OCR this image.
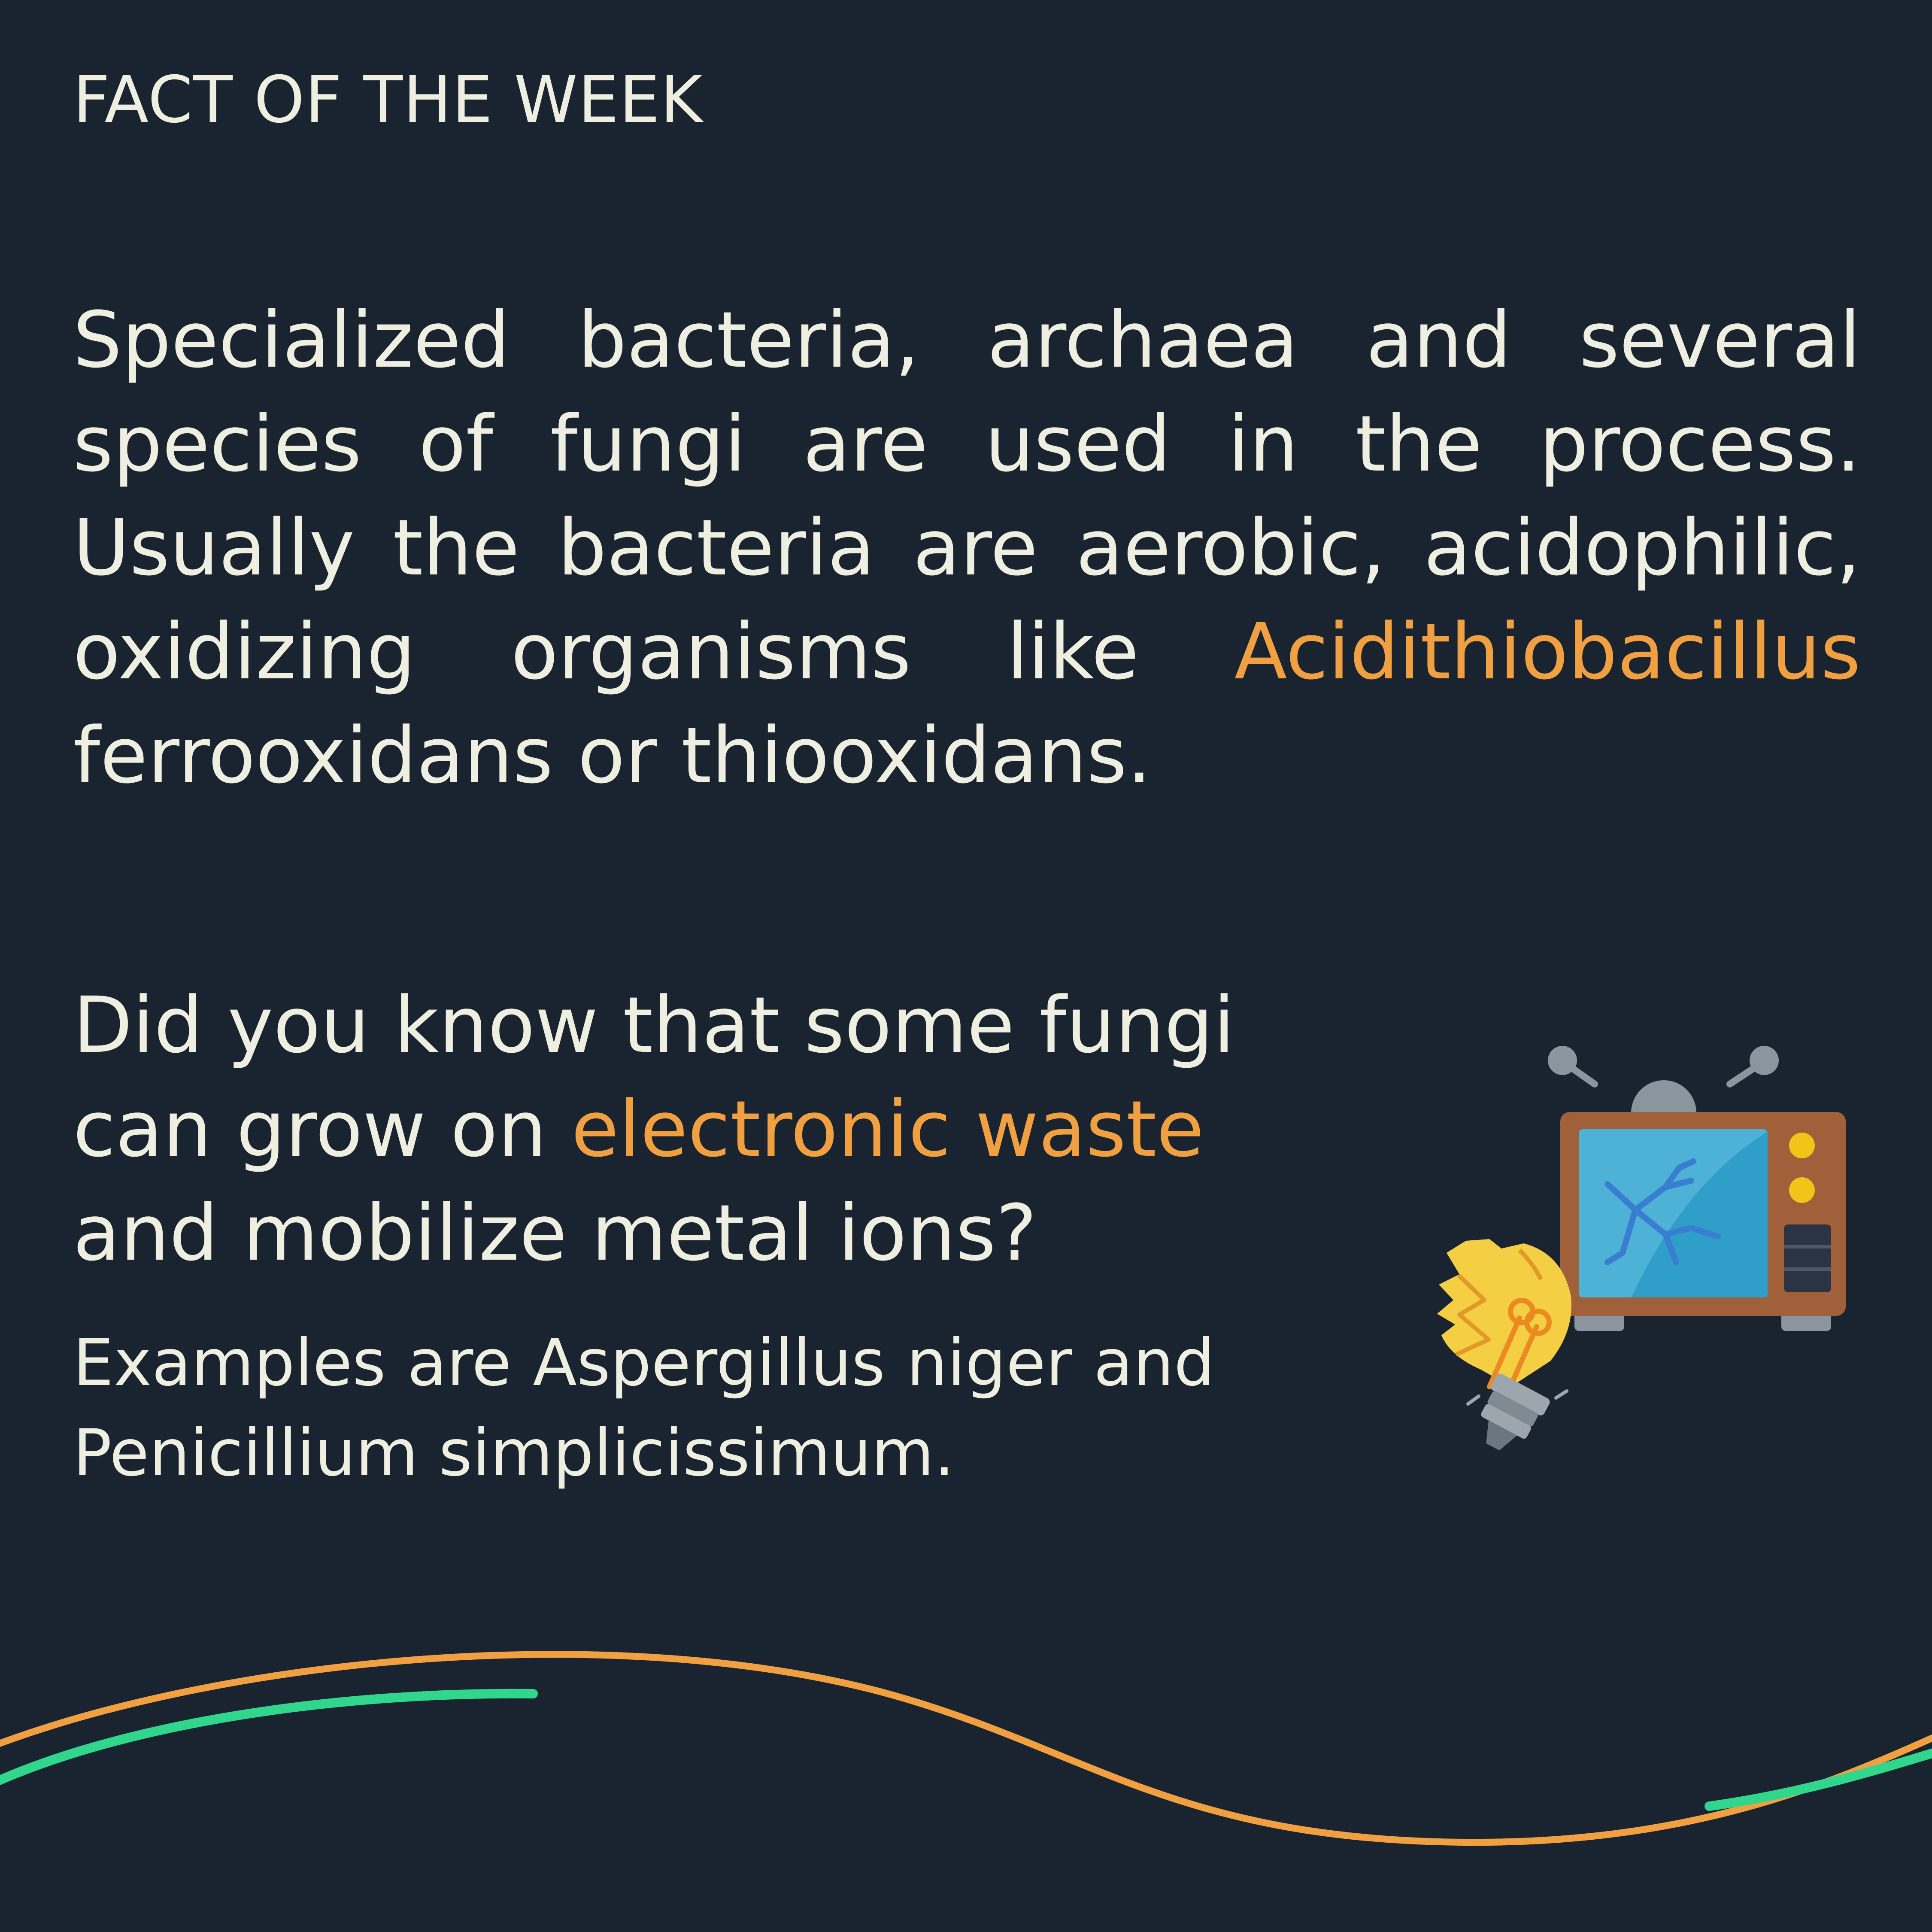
FACT OF THE WEEK
Specialized bacteria, archaea and several species of fungi are used in the process. Usually the bacteria are aerobic, acidophilic, oxidizing organisms like Acidithiobacillus ferrooxidans or thiooxidans.
Did you know that some fungi
can grow on electronic waste
and mobilize metal ions?
Examples are Aspergillus niger and Penicillium simplicissimum.
